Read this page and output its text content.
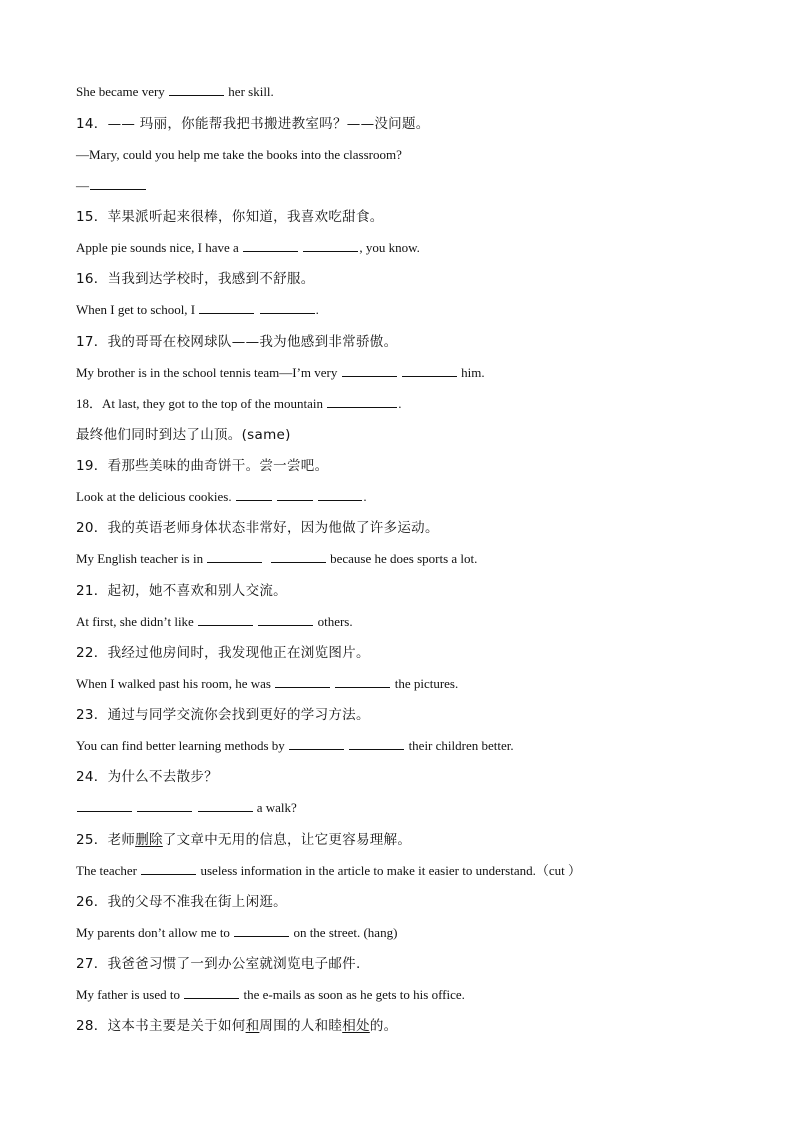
She became very	her skill.
14．—— 玛丽，你能帮我把书搬进教室吗？——没问题。
—Mary, could you help me take the books into the classroom?
—
15．苹果派听起来很棒，你知道，我喜欢吃甜食。
Apple pie sounds nice, I have a	, you know.
16．当我到达学校时，我感到不舒服。
When I get to school, I	.
17．我的哥哥在校网球队——我为他感到非常骄傲。
My brother is in the school tennis team—I’m very	him.
18．At last, they got to the top of the mountain	.
最终他们同时到达了山顶。(same)
19．看那些美味的曲奇饼干。尝一尝吧。
Look at the delicious cookies.	.
20．我的英语老师身体状态非常好，因为他做了许多运动。
My English teacher is in	because he does sports a lot.
21．起初，她不喜欢和别人交流。
At first, she didn’t like	others.
22．我经过他房间时，我发现他正在浏览图片。
When I walked past his room, he was	the pictures.
23．通过与同学交流你会找到更好的学习方法。
You can find better learning methods by	their children better.
24．为什么不去散步？
a walk?
25．老师删除了文章中无用的信息，让它更容易理解。
The teacher	useless information in the article to make it easier to understand.（cut ）
26．我的父母不准我在街上闲逛。
My parents don’t allow me to	on the street. (hang)
27．我爸爸习惯了一到办公室就浏览电子邮件.
My father is used to	the e-mails as soon as he gets to his office.
28．这本书主要是关于如何和周围的人和睦相处的。
